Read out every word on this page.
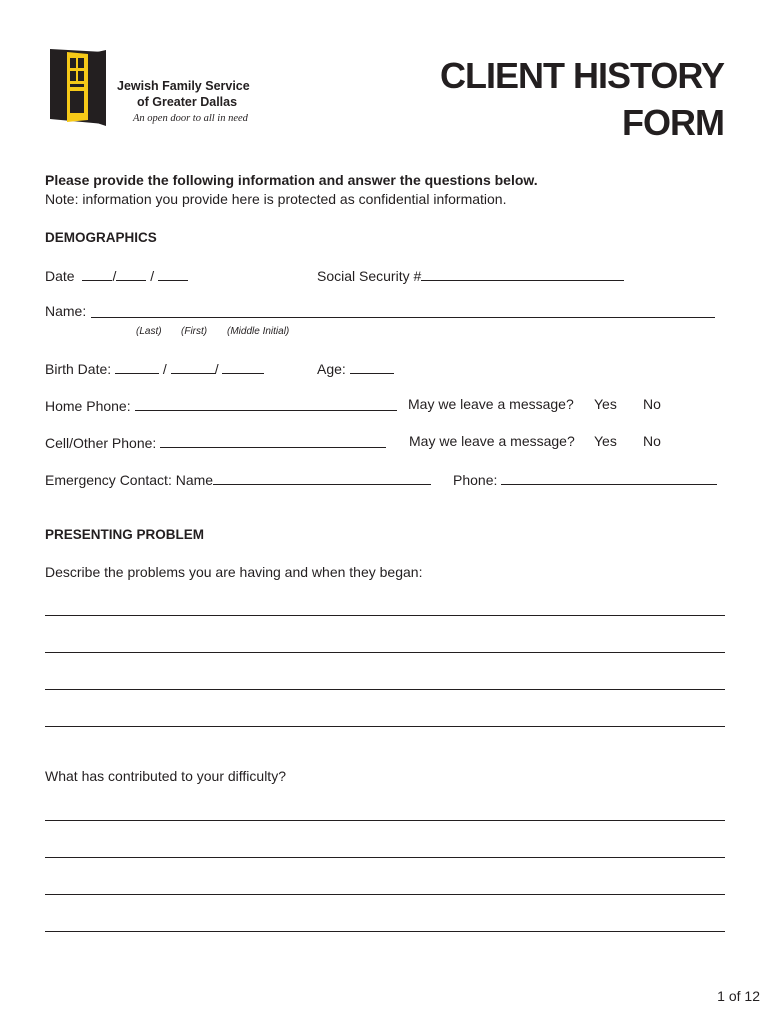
Jewish Family Service
of Greater Dallas
An open door to all in need
CLIENT HISTORY
FORM
Please provide the following information and answer the questions below.
Note: information you provide here is protected as confidential information.
DEMOGRAPHICS
Date	/ /	Social Security #
Name:
(Last) (First) (Middle Initial)
Birth Date:	/	/	Age:
Home Phone:	May we leave a message? Yes No
Cell/Other Phone:	May we leave a message? Yes No
Emergency Contact: Name	Phone:
PRESENTING PROBLEM
Describe the problems you are having and when they began:
What has contributed to your difficulty?
1 of 12
